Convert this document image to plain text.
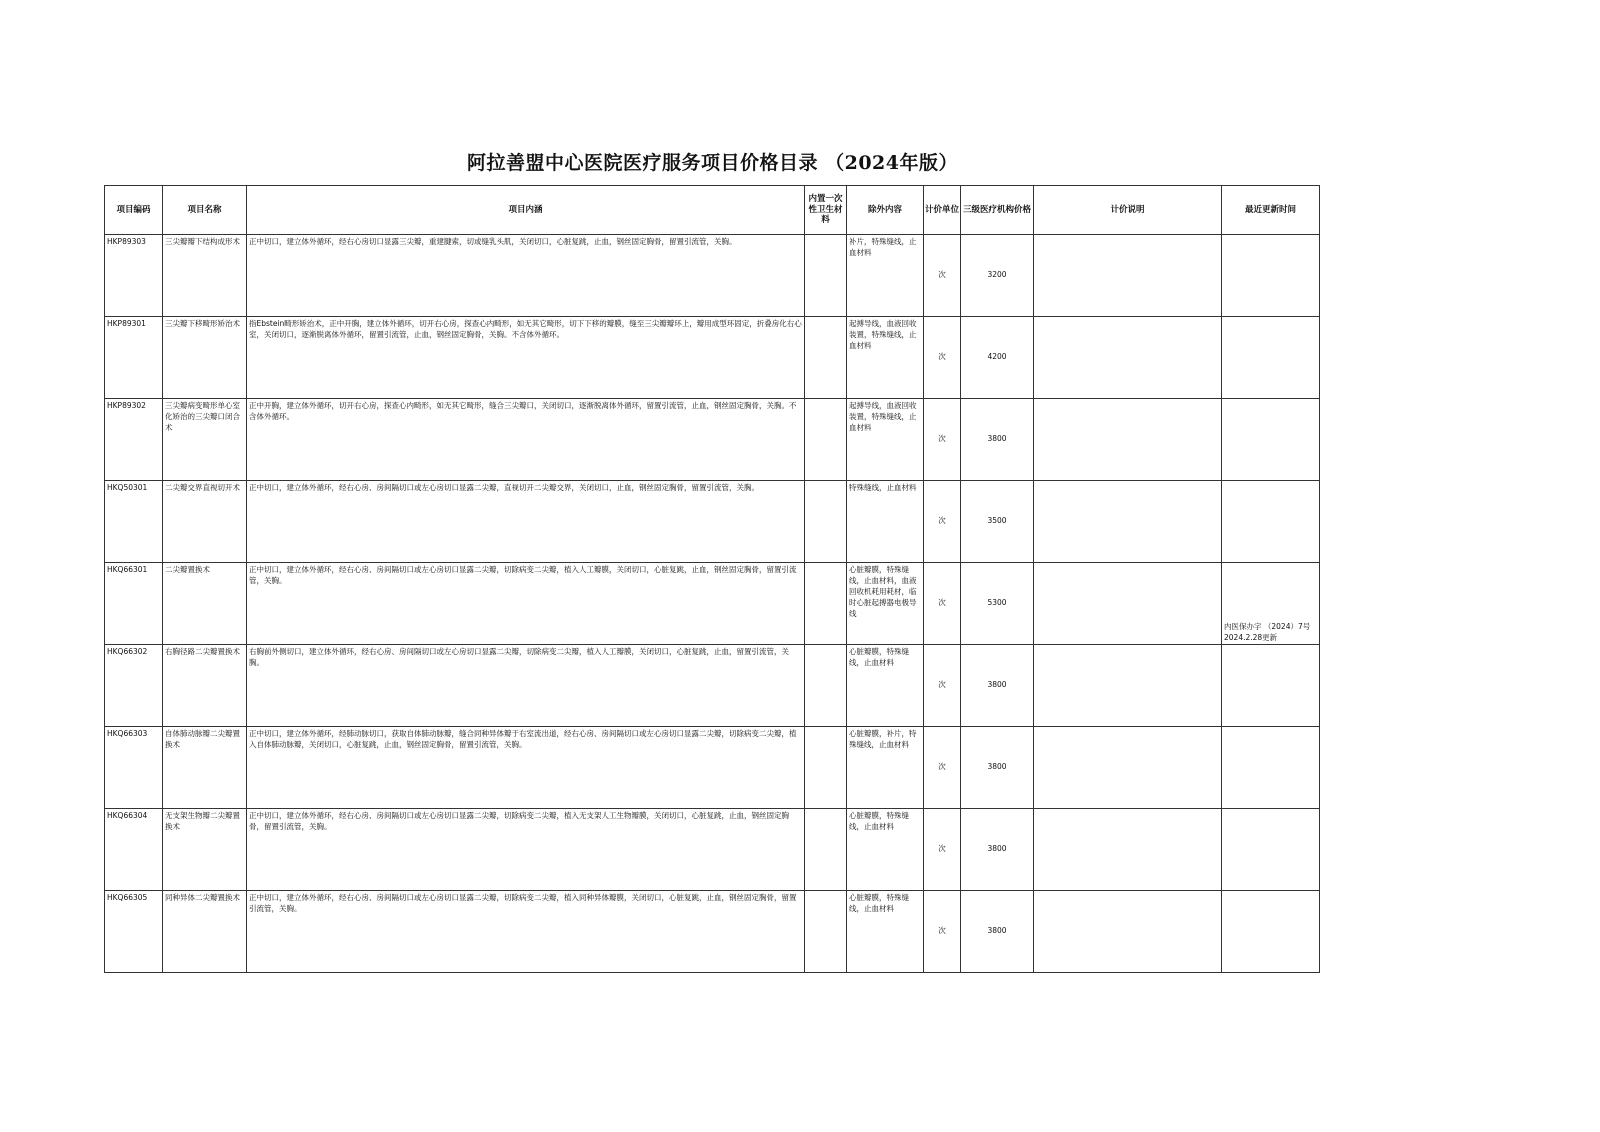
阿拉善盟中心医院医疗服务项目价格目录 （2024年版）
项目编码	项目名称	项目内涵	内置一次性卫生材料	除外内容	计价单位	三级医疗机构价格	计价说明	最近更新时间
HKP89303	三尖瓣瓣下结构成形术	正中切口，建立体外循环，经右心房切口显露三尖瓣，重建腱索，切或缝乳头肌，关闭切口，心脏复跳，止血，钢丝固定胸骨，留置引流管，关胸。		补片，特殊缝线，止血材料	次	3200		
HKP89301	三尖瓣下移畸形矫治术	指Ebstein畸形矫治术，正中开胸，建立体外循环，切开右心房，探查心内畸形，如无其它畸形，切下下移的瓣膜，缝至三尖瓣瓣环上，瓣用成型环固定，折叠房化右心室，关闭切口，逐渐脱离体外循环，留置引流管，止血，钢丝固定胸骨，关胸。不含体外循环。		起搏导线，血液回收装置，特殊缝线，止血材料	次	4200		
HKP89302	三尖瓣病变畸形单心室化矫治的三尖瓣口闭合术	正中开胸，建立体外循环，切开右心房，探查心内畸形，如无其它畸形，缝合三尖瓣口，关闭切口，逐渐脱离体外循环，留置引流管，止血，钢丝固定胸骨，关胸。不含体外循环。		起搏导线，血液回收装置，特殊缝线，止血材料	次	3800		
HKQ50301	二尖瓣交界直视切开术	正中切口，建立体外循环，经右心房、房间隔切口或左心房切口显露二尖瓣，直视切开二尖瓣交界，关闭切口，止血，钢丝固定胸骨，留置引流管，关胸。		特殊缝线，止血材料	次	3500		
HKQ66301	二尖瓣置换术	正中切口，建立体外循环，经右心房、房间隔切口或左心房切口显露二尖瓣，切除病变二尖瓣，植入人工瓣膜，关闭切口，心脏复跳，止血，钢丝固定胸骨，留置引流管，关胸。		心脏瓣膜，特殊缝线，止血材料，血液回收机耗用耗材，临时心脏起搏器电极导线	次	5300		内医保办字 （2024）7号 2024.2.28更新
HKQ66302	右胸径路二尖瓣置换术	右胸前外侧切口，建立体外循环，经右心房、房间隔切口或左心房切口显露二尖瓣，切除病变二尖瓣，植入人工瓣膜，关闭切口，心脏复跳，止血，留置引流管，关胸。		心脏瓣膜，特殊缝线，止血材料	次	3800		
HKQ66303	自体肺动脉瓣二尖瓣置换术	正中切口，建立体外循环，经肺动脉切口，获取自体肺动脉瓣，缝合同种异体瓣于右室流出道，经右心房、房间隔切口或左心房切口显露二尖瓣，切除病变二尖瓣，植入自体肺动脉瓣，关闭切口，心脏复跳，止血，钢丝固定胸骨，留置引流管，关胸。		心脏瓣膜，补片，特殊缝线，止血材料	次	3800		
HKQ66304	无支架生物瓣二尖瓣置换术	正中切口，建立体外循环，经右心房、房间隔切口或左心房切口显露二尖瓣，切除病变二尖瓣，植入无支架人工生物瓣膜，关闭切口，心脏复跳，止血，钢丝固定胸骨，留置引流管，关胸。		心脏瓣膜，特殊缝线，止血材料	次	3800		
HKQ66305	同种异体二尖瓣置换术	正中切口，建立体外循环，经右心房、房间隔切口或左心房切口显露二尖瓣，切除病变二尖瓣，植入同种异体瓣膜，关闭切口，心脏复跳，止血，钢丝固定胸骨，留置引流管，关胸。		心脏瓣膜，特殊缝线，止血材料	次	3800		
